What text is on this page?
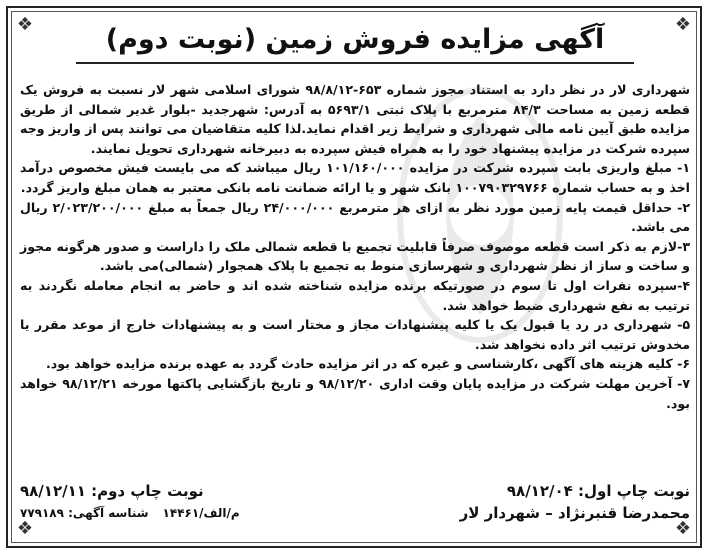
❖	❖
❖	❖
آگهی مزایده فروش زمین (نوبت دوم)

شهرداری لار در نظر دارد به استناد مجوز شماره ۶۵۳-۹۸/۸/۱۲ شورای اسلامی شهر لار نسبت به فروش یک قطعه زمین به مساحت ۸۴/۳ مترمربع با پلاک ثبتی ۵۶۹۳/۱ به آدرس: شهرجدید -بلوار غدیر شمالی از طریق مزایده طبق آیین نامه مالی شهرداری و شرایط زیر اقدام نماید.لذا کلیه متقاضیان می توانند پس از واریز وجه سپرده شرکت در مزایده پیشنهاد خود را به همراه فیش سپرده به دبیرخانه شهرداری تحویل نمایند.

۱- مبلغ واریزی بابت سپرده شرکت در مزایده ۱۰۱/۱۶۰/۰۰۰ ریال میباشد که می بایست فیش مخصوص درآمد اخذ و به حساب شماره ۱۰۰۷۹۰۳۲۹۷۶۶ بانک شهر و یا ارائه ضمانت نامه بانکی معتبر به همان مبلغ واریز گردد.

۲- حداقل قیمت پایه زمین مورد نظر به ازای هر مترمربع ۲۴/۰۰۰/۰۰۰ ریال جمعاً به مبلغ ۲/۰۲۳/۲۰۰/۰۰۰ ریال می باشد.

۳-لازم به ذکر است قطعه موصوف صرفاً قابلیت تجمیع با قطعه شمالی ملک را داراست و صدور هرگونه مجوز و ساخت و ساز از نظر شهرداری و شهرسازی منوط به تجمیع با پلاک همجوار (شمالی)می باشد.

۴-سپرده نفرات اول تا سوم در صورتیکه برنده مزایده شناخته شده اند و حاضر به انجام معامله نگردند به ترتیب به نفع شهرداری ضبط خواهد شد.

۵- شهرداری در رد یا قبول یک یا کلیه پیشنهادات مجاز و مختار است و به پیشنهادات خارج از موعد مقرر یا مخدوش ترتیب اثر داده نخواهد شد.

۶- کلیه هزینه های آگهی ،کارشناسی و غیره که در اثر مزایده حادث گردد به عهده برنده مزایده خواهد بود.

۷- آخرین مهلت شرکت در مزایده پایان وقت اداری ۹۸/۱۲/۲۰ و تاریخ بازگشایی پاکتها مورخه ۹۸/۱۲/۲۱ خواهد بود.

نوبت چاپ اول: ۹۸/۱۲/۰۴
نوبت چاپ دوم: ۹۸/۱۲/۱۱
محمدرضا قنبرنژاد – شهردار لار
م/الف/۱۴۴۶۱شناسه آگهی: ۷۷۹۱۸۹
